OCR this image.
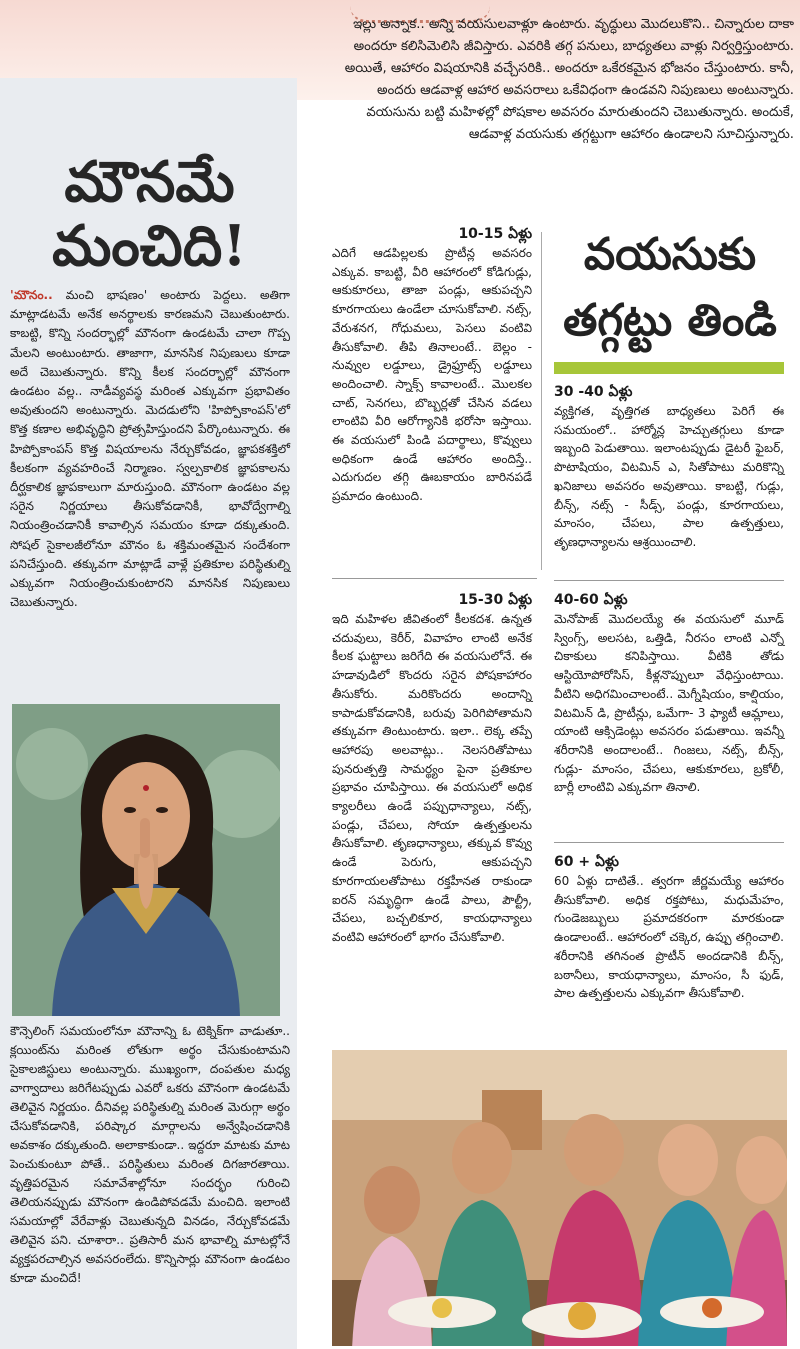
ఇల్లు అన్నాక.. అన్ని వయసులవాళ్లూ ఉంటారు. వృద్ధులు మొదలుకొని.. చిన్నారుల దాకా అందరూ కలిసిమెలిసి జీవిస్తారు. ఎవరికి తగ్గ పనులు, బాధ్యతలు వాళ్లు నిర్వర్తిస్తుంటారు. అయితే, ఆహారం విషయానికి వచ్చేసరికి.. అందరూ ఒకేరకమైన భోజనం చేస్తుంటారు. కానీ, అందరు ఆడవాళ్ల ఆహార అవసరాలు ఒకేవిధంగా ఉండవని నిపుణులు అంటున్నారు. వయసును బట్టి మహిళల్లో పోషకాల అవసరం మారుతుందని చెబుతున్నారు. అందుకే, ఆడవాళ్ల వయసుకు తగ్గట్టుగా ఆహారం ఉండాలని సూచిస్తున్నారు.
మౌనమే
మంచిది!
'మౌనం.. మంచి భాషణం' అంటారు పెద్దలు. అతిగా మాట్లాడటమే అనేక అనర్థాలకు కారణమని చెబుతుంటారు. కాబట్టి, కొన్ని సందర్భాల్లో మౌనంగా ఉండటమే చాలా గొప్ప మేలని అంటుంటారు. తాజాగా, మానసిక నిపుణులు కూడా అదే చెబుతున్నారు. కొన్ని కీలక సందర్భాల్లో మౌనంగా ఉండటం వల్ల.. నాడీవ్యవస్థ మరింత ఎక్కువగా ప్రభావితం అవుతుందని అంటున్నారు. మెదడులోని 'హిప్పోకాంపస్'లో కొత్త కణాల అభివృద్ధిని ప్రోత్సహిస్తుందని పేర్కొంటున్నారు. ఈ హిప్పోకాంపస్ కొత్త విషయాలను నేర్చుకోవడం, జ్ఞాపకశక్తిలో కీలకంగా వ్యవహరించే నిర్మాణం. స్వల్పకాలిక జ్ఞాపకాలను దీర్ఘకాలిక జ్ఞాపకాలుగా మారుస్తుంది. మౌనంగా ఉండటం వల్ల సరైన నిర్ణయాలు తీసుకోవడానికీ, భావోద్వేగాల్ని నియంత్రించడానికీ కావాల్సిన సమయం కూడా దక్కుతుంది. సోషల్ సైకాలజీలోనూ మౌనం ఓ శక్తిమంతమైన సందేశంగా పనిచేస్తుంది. తక్కువగా మాట్లాడే వాళ్లే ప్రతికూల పరిస్థితుల్ని ఎక్కువగా నియంత్రించుకుంటారని మానసిక నిపుణులు చెబుతున్నారు.
కౌన్సెలింగ్ సమయంలోనూ మౌనాన్ని ఓ టెక్నిక్‌గా వాడుతూ.. క్లయింట్‌ను మరింత లోతుగా అర్థం చేసుకుంటామని సైకాలజిస్టులు అంటున్నారు. ముఖ్యంగా, దంపతుల మధ్య వాగ్వాదాలు జరిగేటప్పుడు ఎవరో ఒకరు మౌనంగా ఉండటమే తెలివైన నిర్ణయం. దీనివల్ల పరిస్థితుల్ని మరింత మెరుగ్గా అర్థం చేసుకోవడానికి, పరిష్కార మార్గాలను అన్వేషించడానికి అవకాశం దక్కుతుంది. అలాకాకుండా.. ఇద్దరూ మాటకు మాట పెంచుకుంటూ పోతే.. పరిస్థితులు మరింత దిగజారతాయి. వృత్తిపరమైన సమావేశాల్లోనూ సందర్భం గురించి తెలియనప్పుడు మౌనంగా ఉండిపోవడమే మంచిది. ఇలాంటి సమయాల్లో వేరేవాళ్లు చెబుతున్నది వినడం, నేర్చుకోవడమే తెలివైన పని. చూశారా.. ప్రతిసారీ మన భావాల్ని మాటల్లోనే వ్యక్తపరచాల్సిన అవసరంలేదు. కొన్నిసార్లు మౌనంగా ఉండటం కూడా మంచిదే!
వయసుకు
తగ్గట్టు తిండి
10-15 ఏళ్లు
ఎదిగే ఆడపిల్లలకు ప్రొటీన్ల అవసరం ఎక్కువ. కాబట్టి, వీరి ఆహారంలో కోడిగుడ్లు, ఆకుకూరలు, తాజా పండ్లు, ఆకుపచ్చని కూరగాయలు ఉండేలా చూసుకోవాలి. నట్స్, వేరుశనగ, గోధుమలు, పెసలు వంటివి తీసుకోవాలి. తీపి తినాలంటే.. బెల్లం - నువ్వుల లడ్డూలు, డ్రైఫ్రూట్స్ లడ్డూలు అందించాలి. స్నాక్స్ కావాలంటే.. మొలకల చాట్, సెనగలు, బొబ్బర్లతో చేసిన వడలు లాంటివి వీరి ఆరోగ్యానికి భరోసా ఇస్తాయి. ఈ వయసులో పిండి పదార్థాలు, కొవ్వులు అధికంగా ఉండే ఆహారం అందిస్తే.. ఎదుగుదల తగ్గి ఊబకాయం బారినపడే ప్రమాదం ఉంటుంది.
30 -40 ఏళ్లు
వ్యక్తిగత, వృత్తిగత బాధ్యతలు పెరిగే ఈ సమయంలో.. హార్మోన్ల హెచ్చుతగ్గులు కూడా ఇబ్బంది పెడుతాయి. ఇలాంటప్పుడు డైటరీ ఫైబర్, పొటాషియం, విటమిన్ ఎ, సితోపాటు మరికొన్ని ఖనిజాలు అవసరం అవుతాయి. కాబట్టి, గుడ్లు, బీన్స్, నట్స్ - సీడ్స్, పండ్లు, కూరగాయలు, మాంసం, చేపలు, పాల ఉత్పత్తులు, తృణధాన్యాలను ఆశ్రయించాలి.
15-30 ఏళ్లు
ఇది మహిళల జీవితంలో కీలకదశ. ఉన్నత చదువులు, కెరీర్, వివాహం లాంటి అనేక కీలక ఘట్టాలు జరిగేది ఈ వయసులోనే. ఈ హడావుడిలో కొందరు సరైన పోషకాహారం తీసుకోరు. మరికొందరు అందాన్ని కాపాడుకోవడానికి, బరువు పెరిగిపోతామని తక్కువగా తింటుంటారు. ఇలా.. లెక్క తప్పే ఆహారపు అలవాట్లు.. నెలసరితోపాటు పునరుత్పత్తి సామర్థ్యం పైనా ప్రతికూల ప్రభావం చూపిస్తాయి. ఈ వయసులో అధిక క్యాలరీలు ఉండే పప్పుధాన్యాలు, నట్స్, పండ్లు, చేపలు, సోయా ఉత్పత్తులను తీసుకోవాలి. తృణధాన్యాలు, తక్కువ కొవ్వు ఉండే పెరుగు, ఆకుపచ్చని కూరగాయలతోపాటు రక్తహీనత రాకుండా ఐరన్ సమృద్ధిగా ఉండే పాలు, పౌల్ట్రీ, చేపలు, బచ్చలికూర, కాయధాన్యాలు వంటివి ఆహారంలో భాగం చేసుకోవాలి.
40-60 ఏళ్లు
మెనోపాజ్ మొదలయ్యే ఈ వయసులో మూడ్ స్వింగ్స్, అలసట, ఒత్తిడి, నీరసం లాంటి ఎన్నో చికాకులు కనిపిస్తాయి. వీటికి తోడు ఆస్టియోపోరోసిస్, కీళ్లనొప్పులూ వేధిస్తుంటాయి. వీటిని అధిగమించాలంటే.. మెగ్నీషియం, కాల్షియం, విటమిన్ డి, ప్రొటీన్లు, ఒమేగా- 3 ఫ్యాటీ ఆమ్లాలు, యాంటి ఆక్సిడెంట్లు అవసరం పడుతాయి. ఇవన్నీ శరీరానికి అందాలంటే.. గింజలు, నట్స్, బీన్స్, గుడ్లు- మాంసం, చేపలు, ఆకుకూరలు, బ్రకోలీ, బార్లీ లాంటివి ఎక్కువగా తినాలి.
60 + ఏళ్లు
60 ఏళ్లు దాటితే.. త్వరగా జీర్ణమయ్యే ఆహారం తీసుకోవాలి. అధిక రక్తపోటు, మధుమేహం, గుండెజబ్బులు ప్రమాదకరంగా మారకుండా ఉండాలంటే.. ఆహారంలో చక్కెర, ఉప్పు తగ్గించాలి. శరీరానికి తగినంత ప్రొటీన్ అందడానికి బీన్స్, బఠానీలు, కాయధాన్యాలు, మాంసం, సీ ఫుడ్, పాల ఉత్పత్తులను ఎక్కువగా తీసుకోవాలి.
